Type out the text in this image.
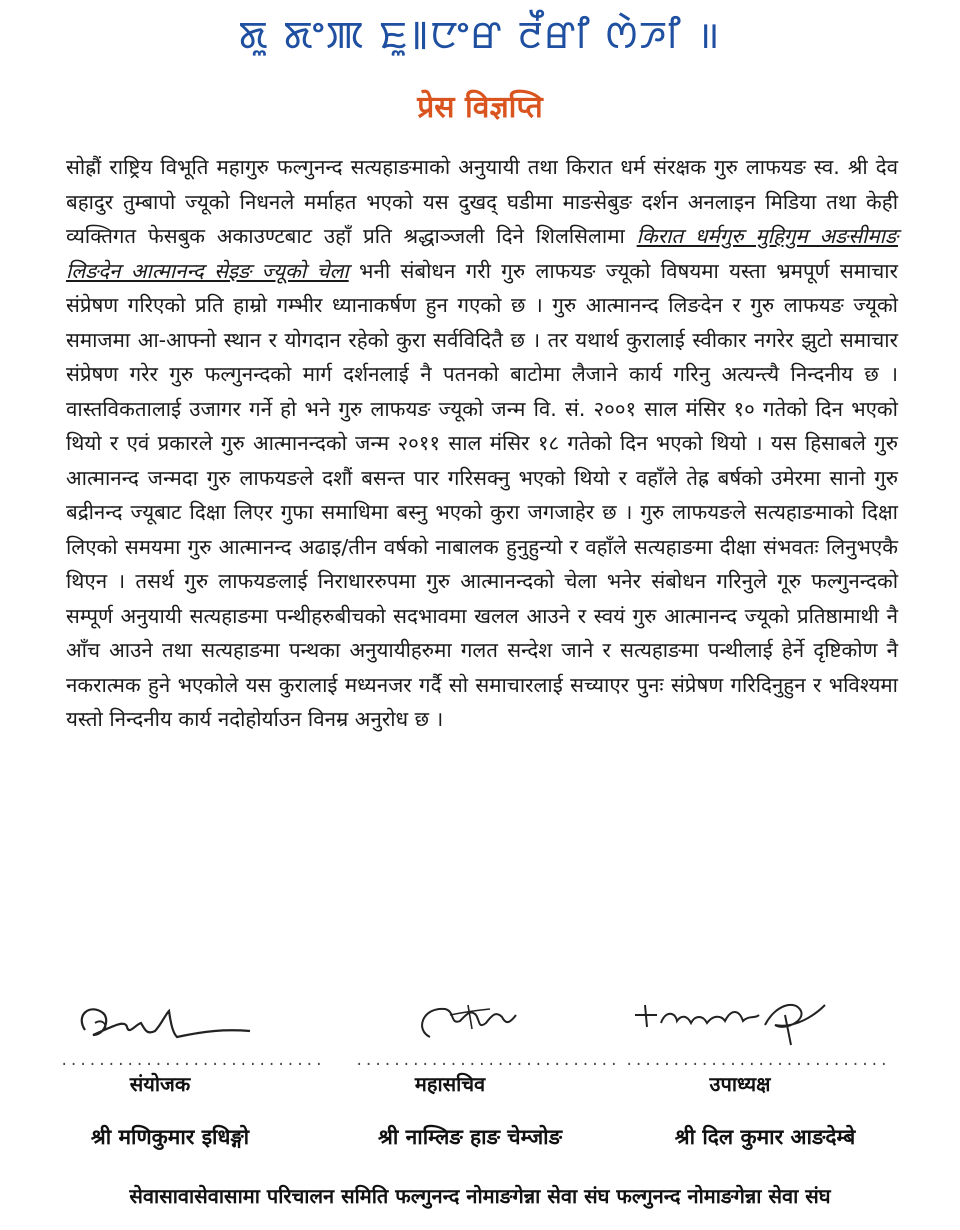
ꯗꯨ ꯗꯦꯄ ꯐꯨ꯫ꯅꯦꯔ ꯂꯩꯔꯤ ꯁꯥꯍꯤ ॥
प्रेस विज्ञप्ति
सोह्रौं राष्ट्रिय विभूति महागुरु फल्गुनन्द सत्यहाङमाको अनुयायी तथा किरात धर्म संरक्षक गुरु लाफयङ स्व. श्री देव बहादुर तुम्बापो ज्यूको निधनले मर्माहत भएको यस दुखद् घडीमा माङसेबुङ दर्शन अनलाइन मिडिया तथा केही व्यक्तिगत फेसबुक अकाउण्टबाट उहाँ प्रति श्रद्धाञ्जली दिने शिलसिलामा किरात धर्मगुरु मुहिगुम अङसीमाङ लिङदेन आत्मानन्द सेइङ ज्यूको चेला भनी संबोधन गरी गुरु लाफयङ ज्यूको विषयमा यस्ता भ्रमपूर्ण समाचार संप्रेषण गरिएको प्रति हाम्रो गम्भीर ध्यानाकर्षण हुन गएको छ । गुरु आत्मानन्द लिङदेन र गुरु लाफयङ ज्यूको समाजमा आ-आफ्नो स्थान र योगदान रहेको कुरा सर्वविदितै छ । तर यथार्थ कुरालाई स्वीकार नगरेर झुटो समाचार संप्रेषण गरेर गुरु फल्गुनन्दको मार्ग दर्शनलाई नै पतनको बाटोमा लैजाने कार्य गरिनु अत्यन्त्यै निन्दनीय छ । वास्तविकतालाई उजागर गर्ने हो भने गुरु लाफयङ ज्यूको जन्म वि. सं. २००१ साल मंसिर १० गतेको दिन भएको थियो र एवं प्रकारले गुरु आत्मानन्दको जन्म २०११ साल मंसिर १८ गतेको दिन भएको थियो । यस हिसाबले गुरु आत्मानन्द जन्मदा गुरु लाफयङले दशौं बसन्त पार गरिसक्नु भएको थियो र वहाँले तेह्र बर्षको उमेरमा सानो गुरु बद्रीनन्द ज्यूबाट दिक्षा लिएर गुफा समाधिमा बस्नु भएको कुरा जगजाहेर छ । गुरु लाफयङले सत्यहाङमाको दिक्षा लिएको समयमा गुरु आत्मानन्द अढाइ/तीन वर्षको नाबालक हुनुहुन्यो र वहाँले सत्यहाङमा दीक्षा संभवतः लिनुभएकै थिएन । तसर्थ गुरु लाफयङलाई निराधाररुपमा गुरु आत्मानन्दको चेला भनेर संबोधन गरिनुले गूरु फल्गुनन्दको सम्पूर्ण अनुयायी सत्यहाङमा पन्थीहरुबीचको सदभावमा खलल आउने र स्वयं गुरु आत्मानन्द ज्यूको प्रतिष्ठामाथी नै आँच आउने तथा सत्यहाङमा पन्थका अनुयायीहरुमा गलत सन्देश जाने र सत्यहाङमा पन्थीलाई हेर्ने दृष्टिकोण नै नकरात्मक हुने भएकोले यस कुरालाई मध्यनजर गर्दै सो समाचारलाई सच्याएर पुनः संप्रेषण गरिदिनुहुन र भविश्यमा यस्तो निन्दनीय कार्य नदोहोर्याउन विनम्र अनुरोध छ ।
............................ ............................ ............................
संयोजक	महासचिव	उपाध्यक्ष
श्री मणिकुमार इधिङ्गो	श्री नाम्लिङ हाङ चेम्जोङ	श्री दिल कुमार आङदेम्बे
सेवासावासेवासामा परिचालन समिति फल्गुनन्द नोमाङगेन्ना सेवा संघ फल्गुनन्द नोमाङगेन्ना सेवा संघ
